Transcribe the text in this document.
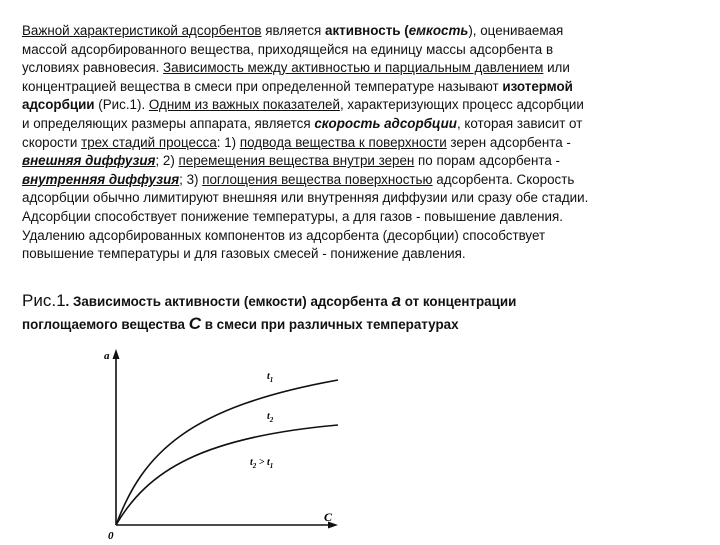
Важной характеристикой адсорбентов является активность (емкость), оцениваемая
массой адсорбированного вещества, приходящейся на единицу массы адсорбента в
условиях равновесия. Зависимость между активностью и парциальным давлением или
концентрацией вещества в смеси при определенной температуре называют изотермой
адсорбции (Рис.1). Одним из важных показателей, характеризующих процесс адсорбции
и определяющих размеры аппарата, является скорость адсорбции, которая зависит от
скорости трех стадий процесса: 1) подвода вещества к поверхности зерен адсорбента -
внешняя диффузия; 2) перемещения вещества внутри зерен по порам адсорбента -
внутренняя диффузия; 3) поглощения вещества поверхностью адсорбента. Скорость
адсорбции обычно лимитируют внешняя или внутренняя диффузии или сразу обе стадии.
Адсорбции способствует понижение температуры, а для газов - повышение давления.
Удалению адсорбированных компонентов из адсорбента (десорбции) способствует
повышение температуры и для газовых смесей - понижение давления.
Рис.1. Зависимость активности (емкости) адсорбента а от концентрации
поглощаемого вещества С в смеси при различных температурах
a
C
0
$t_1$
$t_2$
$t_2 > t_1$
